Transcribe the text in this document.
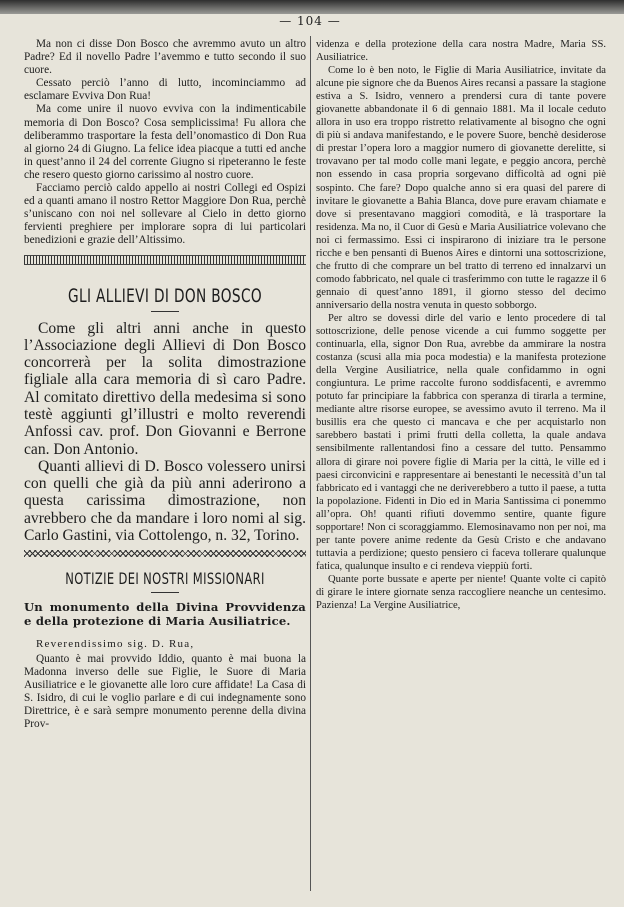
— 104 —

Ma non ci disse Don Bosco che avremmo avuto un altro Padre? Ed il novello Padre l’avemmo e tutto secondo il suo cuore.

Cessato perciò l’anno di lutto, incominciammo ad esclamare Evviva Don Rua!

Ma come unire il nuovo evviva con la indimenticabile memoria di Don Bosco? Cosa semplicissima! Fu allora che deliberammo trasportare la festa dell’onomastico di Don Rua al giorno 24 di Giugno. La felice idea piacque a tutti ed anche in quest’anno il 24 del corrente Giugno si ripeteranno le feste che resero questo giorno carissimo al nostro cuore.

Facciamo perciò caldo appello ai nostri Collegi ed Ospizi ed a quanti amano il nostro Rettor Maggiore Don Rua, perchè s’uniscano con noi nel sollevare al Cielo in detto giorno fervienti preghiere per implorare sopra di lui particolari benedizioni e grazie dell’Altissimo.

GLI ALLIEVI DI DON BOSCO

Come gli altri anni anche in questo l’Associazione degli Allievi di Don Bosco concorrerà per la solita dimostrazione figliale alla cara memoria di sì caro Padre. Al comitato direttivo della medesima si sono testè aggiunti gl’illustri e molto reverendi Anfossi cav. prof. Don Giovanni e Berrone can. Don Antonio.

Quanti allievi di D. Bosco volessero unirsi con quelli che già da più anni aderirono a questa carissima dimostrazione, non avrebbero che da mandare i loro nomi al sig. Carlo Gastini, via Cottolengo, n. 32, Torino.

NOTIZIE DEI NOSTRI MISSIONARI
Un monumento della Divina Provvidenza e della protezione di Maria Ausiliatrice.
Reverendissimo sig. D. Rua,

Quanto è mai provvido Iddio, quanto è mai buona la Madonna inverso delle sue Figlie, le Suore di Maria Ausiliatrice e le giovanette alle loro cure affidate! La Casa di S. Isidro, di cui le voglio parlare e di cui indegnamente sono Direttrice, è e sarà sempre monumento perenne della divina Prov-

videnza e della protezione della cara nostra Madre, Maria SS. Ausiliatrice.

Come lo è ben noto, le Figlie di Maria Ausiliatrice, invitate da alcune pie signore che da Buenos Aires recansi a passare la stagione estiva a S. Isidro, vennero a prendersi cura di tante povere giovanette abbandonate il 6 di gennaio 1881. Ma il locale ceduto allora in uso era troppo ristretto relativamente al bisogno che ogni dì più si andava manifestando, e le povere Suore, benchè desiderose di prestar l’opera loro a maggior numero di giovanette derelitte, si trovavano per tal modo colle mani legate, e peggio ancora, perchè non essendo in casa propria sorgevano difficoltà ad ogni piè sospinto. Che fare? Dopo qualche anno si era quasi del parere di invitare le giovanette a Bahia Blanca, dove pure eravam chiamate e dove si presentavano maggiori comodità, e là trasportare la residenza. Ma no, il Cuor di Gesù e Maria Ausiliatrice volevano che noi ci fermassimo. Essi ci inspirarono di iniziare tra le persone ricche e ben pensanti di Buenos Aires e dintorni una sottoscrizione, che frutto di che comprare un bel tratto di terreno ed innalzarvi un comodo fabbricato, nel quale ci trasferimmo con tutte le ragazze il 6 gennaio di quest’anno 1891, il giorno stesso del decimo anniversario della nostra venuta in questo sobborgo.

Per altro se dovessi dirle del vario e lento procedere di tal sottoscrizione, delle penose vicende a cui fummo soggette per continuarla, ella, signor Don Rua, avrebbe da ammirare la nostra costanza (scusi alla mia poca modestia) e la manifesta protezione della Vergine Ausiliatrice, nella quale confidammo in ogni congiuntura. Le prime raccolte furono soddisfacenti, e avremmo potuto far principiare la fabbrica con speranza di tirarla a termine, mediante altre risorse europee, se avessimo avuto il terreno. Ma il busillis era che questo ci mancava e che per acquistarlo non sarebbero bastati i primi frutti della colletta, la quale andava sensibilmente rallentandosi fino a cessare del tutto. Pensammo allora di girare noi povere figlie di Maria per la città, le ville ed i paesi circonvicini e rappresentare ai benestanti le necessità d’un tal fabbricato ed i vantaggi che ne deriverebbero a tutto il paese, a tutta la popolazione. Fidenti in Dio ed in Maria Santissima ci ponemmo all’opra. Oh! quanti rifiuti dovemmo sentire, quante figure sopportare! Non ci scoraggiammo. Elemosinavamo non per noi, ma per tante povere anime redente da Gesù Cristo e che andavano tuttavia a perdizione; questo pensiero ci faceva tollerare qualunque fatica, qualunque insulto e ci rendeva vieppiù forti.

Quante porte bussate e aperte per niente! Quante volte ci capitò di girare le intere giornate senza raccogliere neanche un centesimo. Pazienza! La Vergine Ausiliatrice,
